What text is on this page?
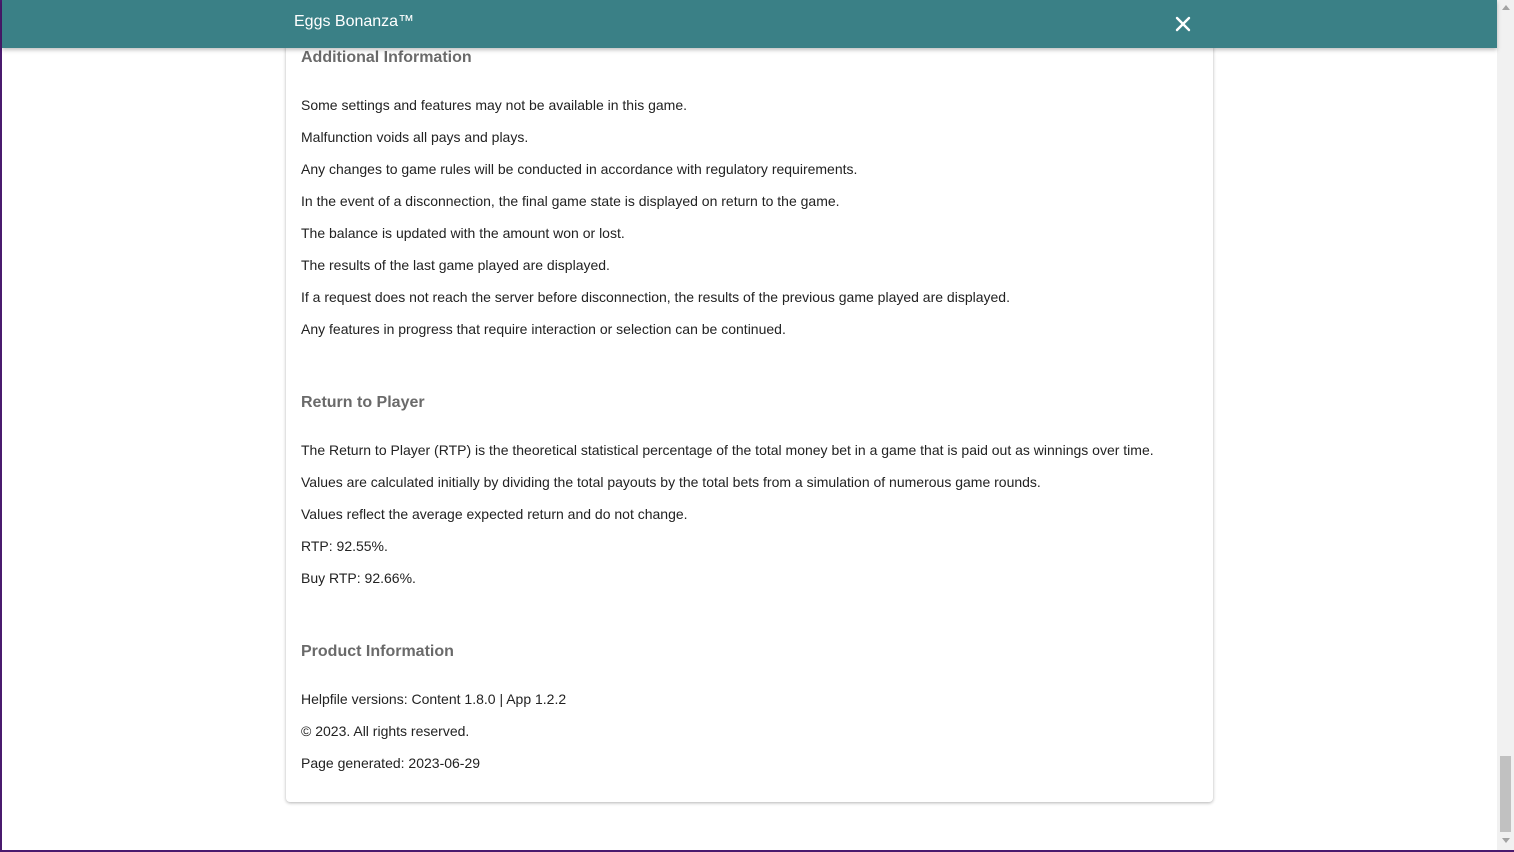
Eggs Bonanza™
Additional Information

Some settings and features may not be available in this game.

Malfunction voids all pays and plays.

Any changes to game rules will be conducted in accordance with regulatory requirements.

In the event of a disconnection, the final game state is displayed on return to the game.

The balance is updated with the amount won or lost.

The results of the last game played are displayed.

If a request does not reach the server before disconnection, the results of the previous game played are displayed.

Any features in progress that require interaction or selection can be continued.

Return to Player

The Return to Player (RTP) is the theoretical statistical percentage of the total money bet in a game that is paid out as winnings over time.

Values are calculated initially by dividing the total payouts by the total bets from a simulation of numerous game rounds.

Values reflect the average expected return and do not change.

RTP: 92.55%.

Buy RTP: 92.66%.

Product Information

Helpfile versions: Content 1.8.0 | App 1.2.2

© 2023. All rights reserved.

Page generated: 2023-06-29
